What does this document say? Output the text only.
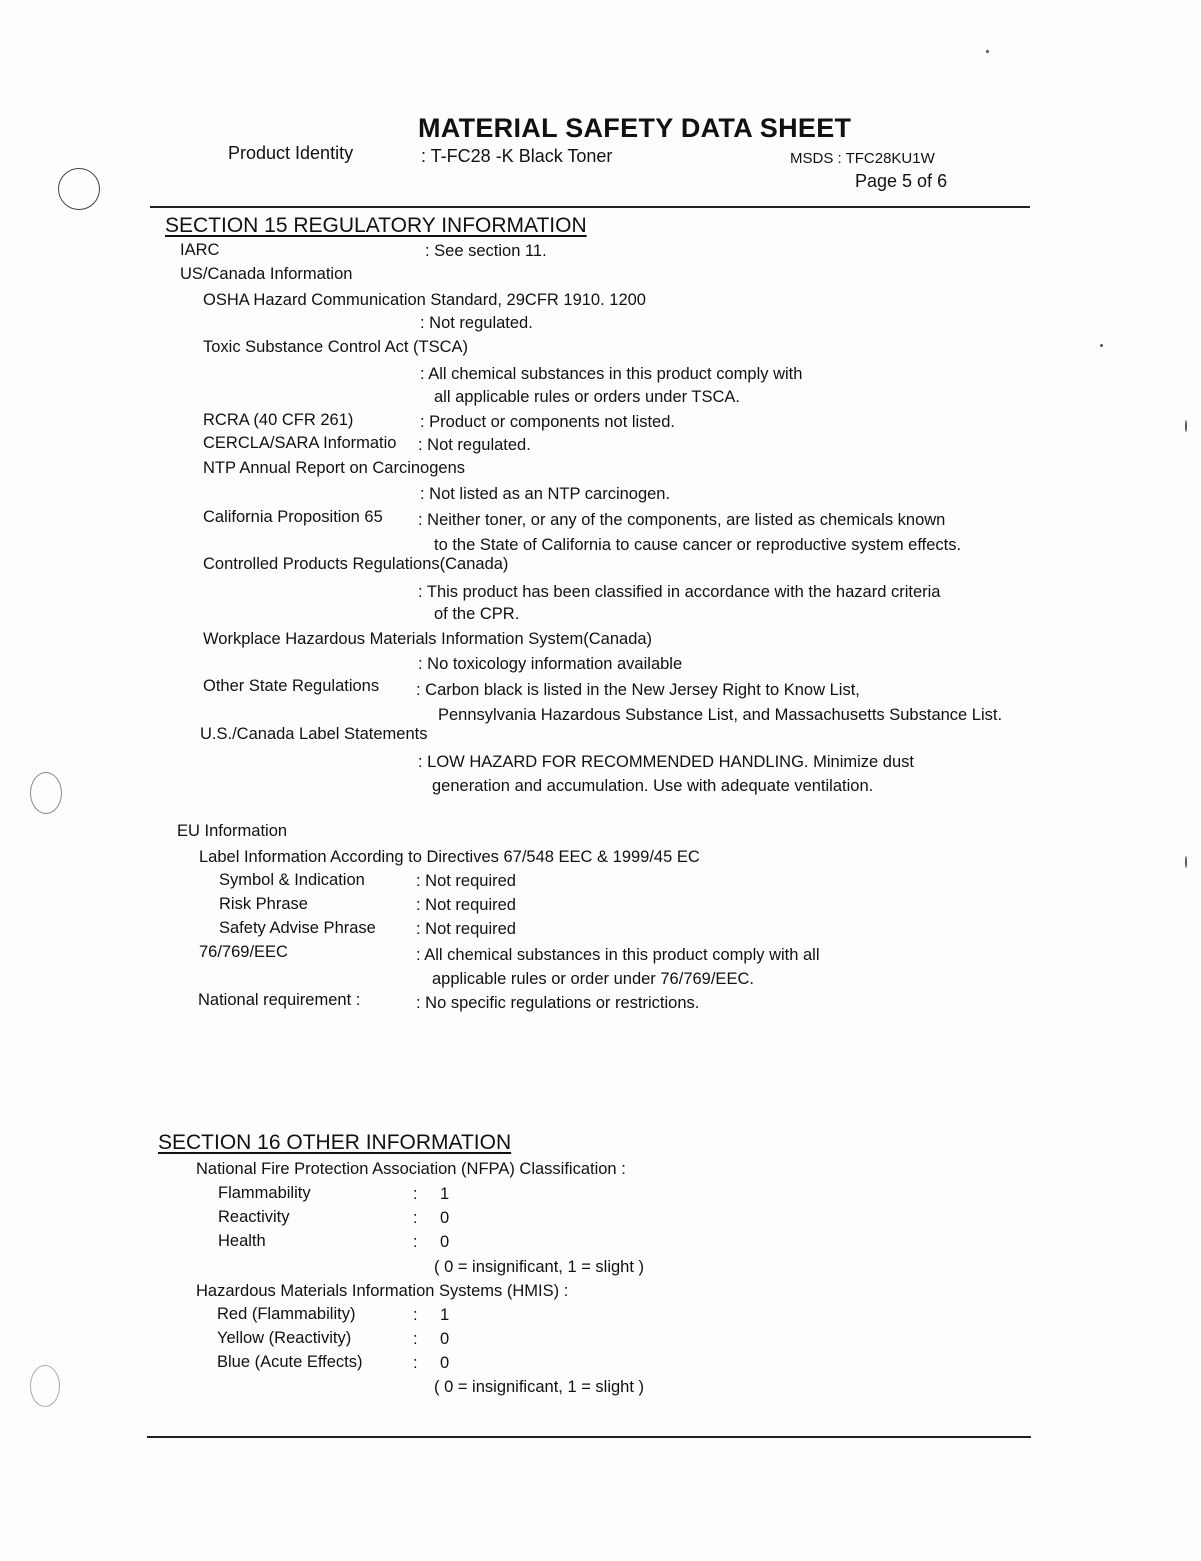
MATERIAL SAFETY DATA SHEET
Product Identity	: T-FC28 -K Black Toner	MSDS : TFC28KU1W
Page 5 of 6
SECTION 15 REGULATORY INFORMATION
IARC	: See section 11.
US/Canada Information
OSHA Hazard Communication Standard, 29CFR 1910. 1200
: Not regulated.
Toxic Substance Control Act (TSCA)
: All chemical substances in this product comply with
all applicable rules or orders under TSCA.
RCRA (40 CFR 261)	: Product or components not listed.
CERCLA/SARA Informatio	: Not regulated.
NTP Annual Report on Carcinogens
: Not listed as an NTP carcinogen.
California Proposition 65 : Neither toner, or any of the components, are listed as chemicals known
to the State of California to cause cancer or reproductive system effects.
Controlled Products Regulations(Canada)
: This product has been classified in accordance with the hazard criteria
of the CPR.
Workplace Hazardous Materials Information System(Canada)
: No toxicology information available
Other State Regulations : Carbon black is listed in the New Jersey Right to Know List,
Pennsylvania Hazardous Substance List, and Massachusetts Substance List.
U.S./Canada Label Statements
: LOW HAZARD FOR RECOMMENDED HANDLING. Minimize dust
generation and accumulation. Use with adequate ventilation.
EU Information
Label Information According to Directives 67/548 EEC & 1999/45 EC
Symbol & Indication	: Not required
Risk Phrase	: Not required
Safety Advise Phrase : Not required
76/769/EEC	: All chemical substances in this product comply with all
applicable rules or order under 76/769/EEC.
National requirement :	: No specific regulations or restrictions.
SECTION 16 OTHER INFORMATION
National Fire Protection Association (NFPA) Classification :
Flammability	: 1
Reactivity	: 0
Health	: 0
( 0 = insignificant, 1 = slight )
Hazardous Materials Information Systems (HMIS) :
Red (Flammability)	: 1
Yellow (Reactivity)	: 0
Blue (Acute Effects)	: 0
( 0 = insignificant, 1 = slight )
